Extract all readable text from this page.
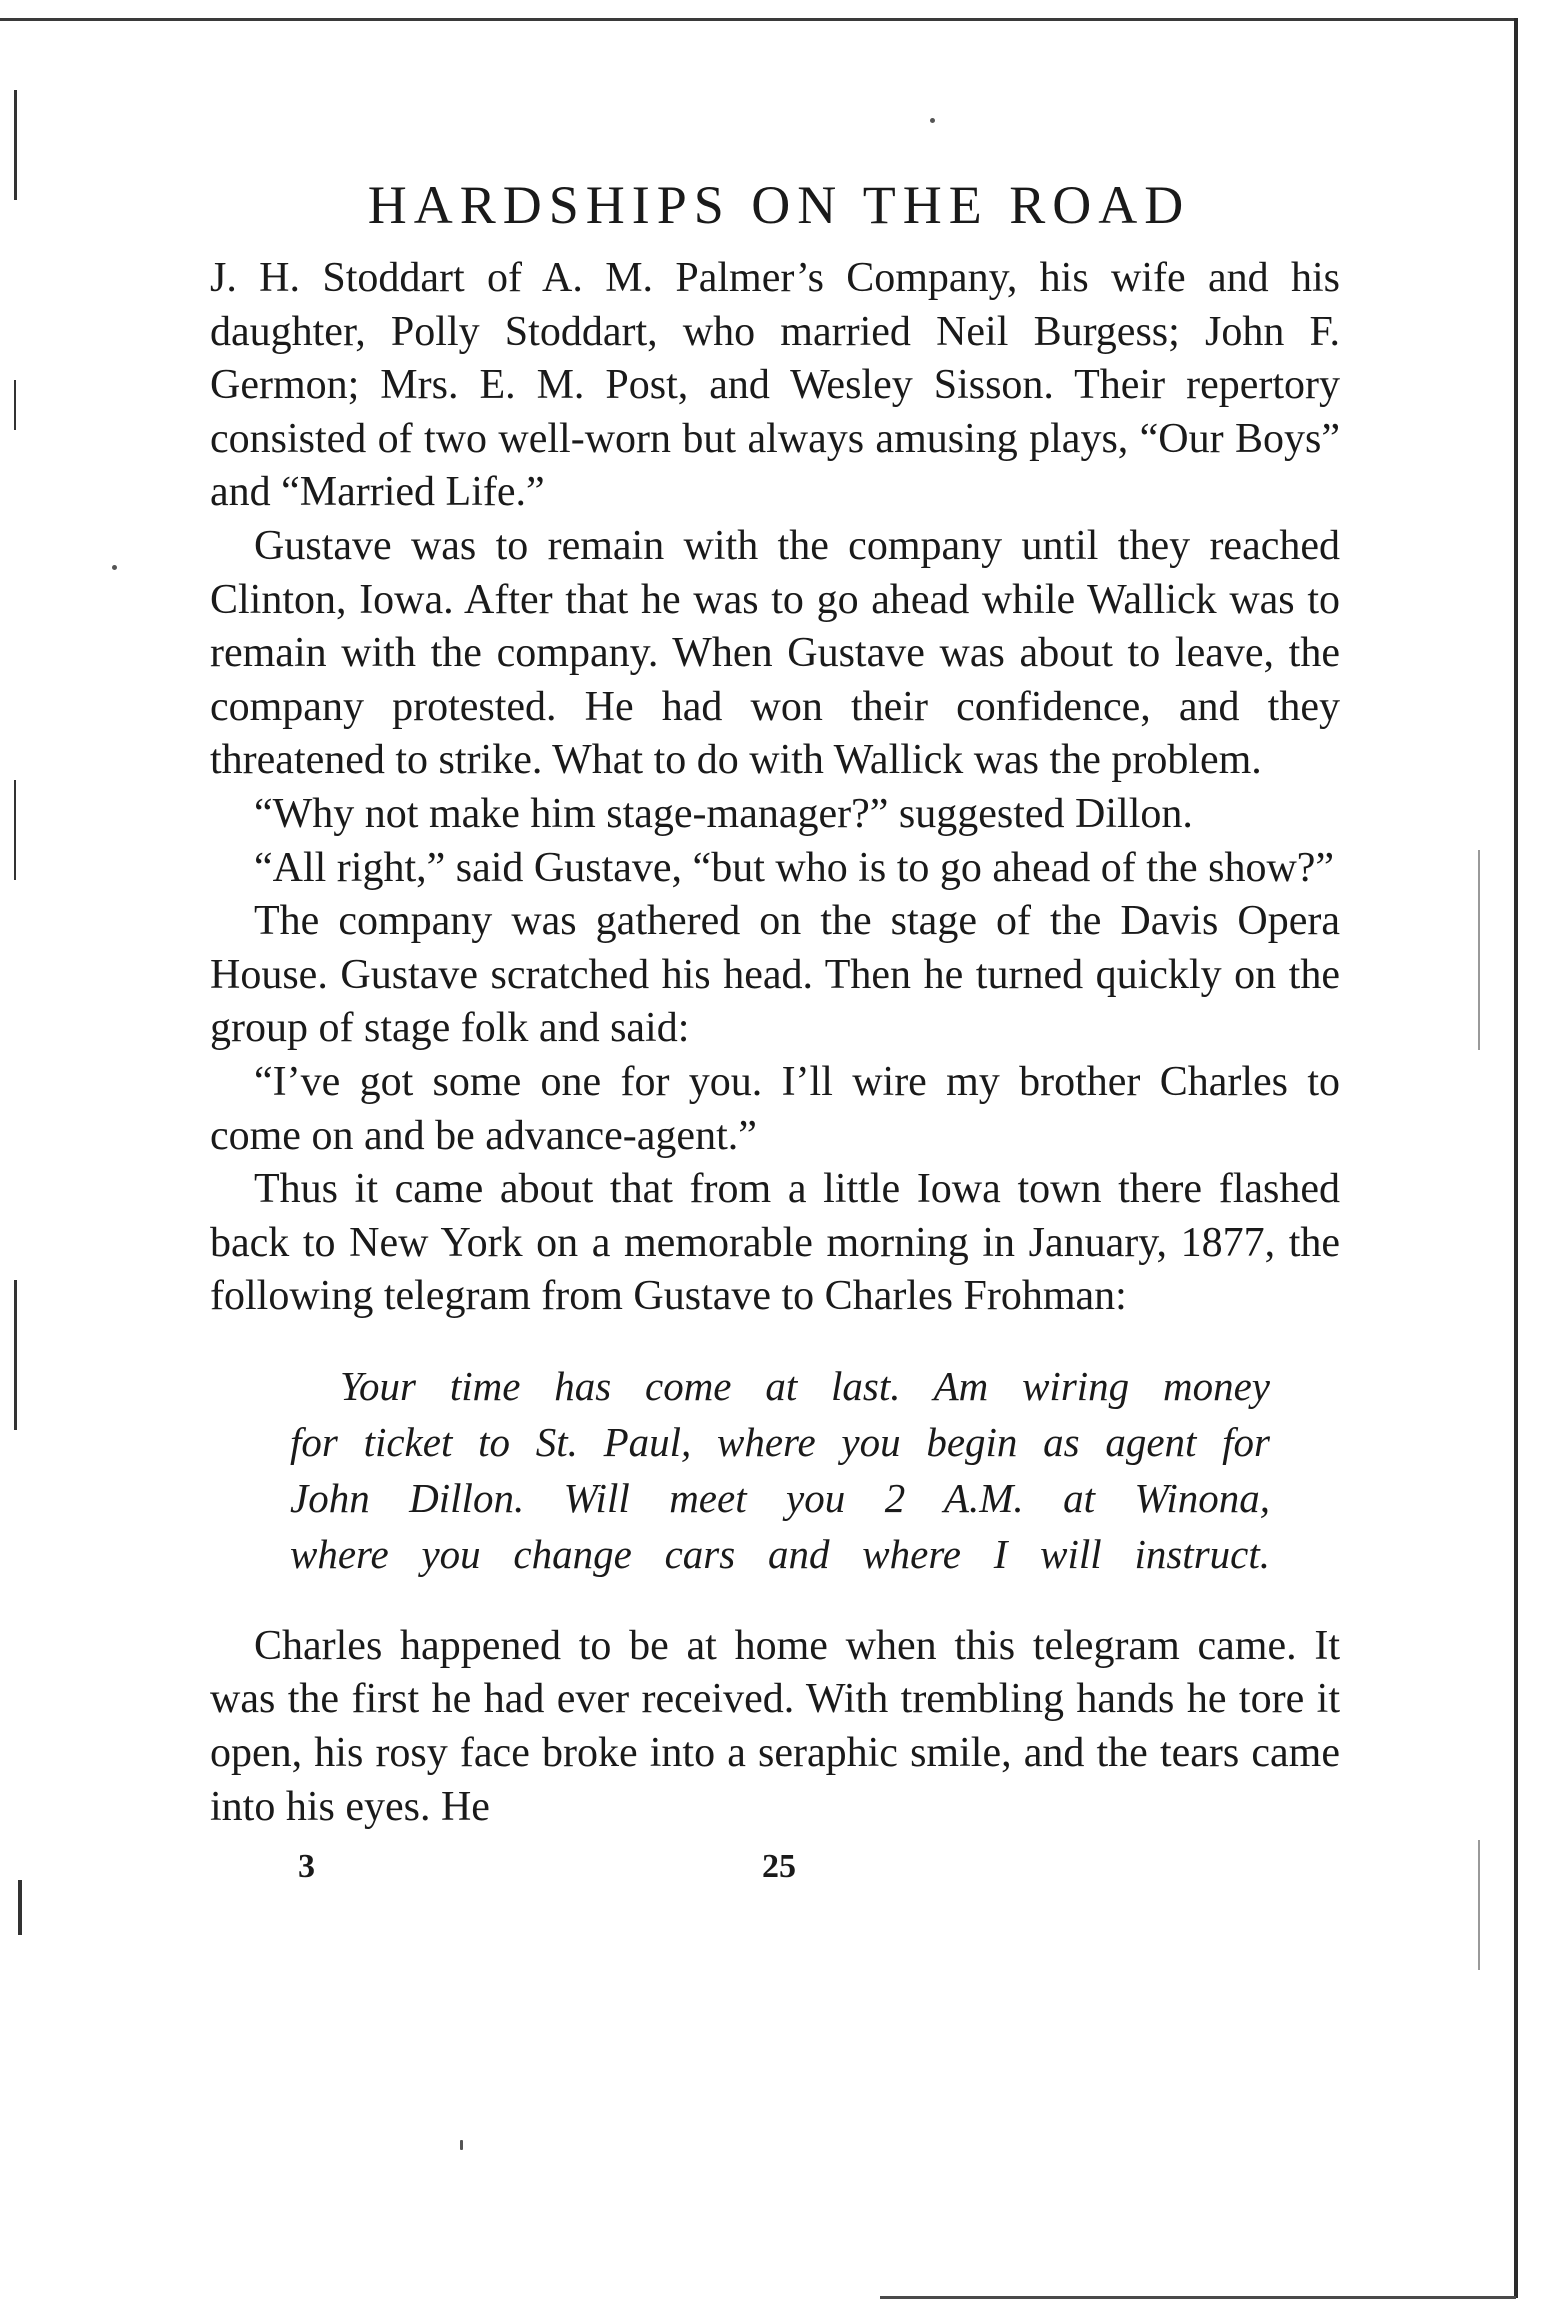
HARDSHIPS ON THE ROAD

J. H. Stoddart of A. M. Palmer’s Company, his wife and his daughter, Polly Stoddart, who married Neil Burgess; John F. Germon; Mrs. E. M. Post, and Wesley Sisson. Their repertory consisted of two well-worn but always amusing plays, “Our Boys” and “Married Life.”

Gustave was to remain with the company until they reached Clinton, Iowa. After that he was to go ahead while Wallick was to remain with the company. When Gustave was about to leave, the company protested. He had won their confidence, and they threatened to strike. What to do with Wallick was the problem.

“Why not make him stage-manager?” suggested Dillon.

“All right,” said Gustave, “but who is to go ahead of the show?”

The company was gathered on the stage of the Davis Opera House. Gustave scratched his head. Then he turned quickly on the group of stage folk and said:

“I’ve got some one for you. I’ll wire my brother Charles to come on and be advance-agent.”

Thus it came about that from a little Iowa town there flashed back to New York on a memorable morning in January, 1877, the following telegram from Gustave to Charles Frohman:

Your time has come at last. Am wiring money
for ticket to St. Paul, where you begin as agent for
John Dillon. Will meet you 2 A.M. at Winona,
where you change cars and where I will instruct.

Charles happened to be at home when this telegram came. It was the first he had ever received. With trembling hands he tore it open, his rosy face broke into a seraphic smile, and the tears came into his eyes. He

3	25
